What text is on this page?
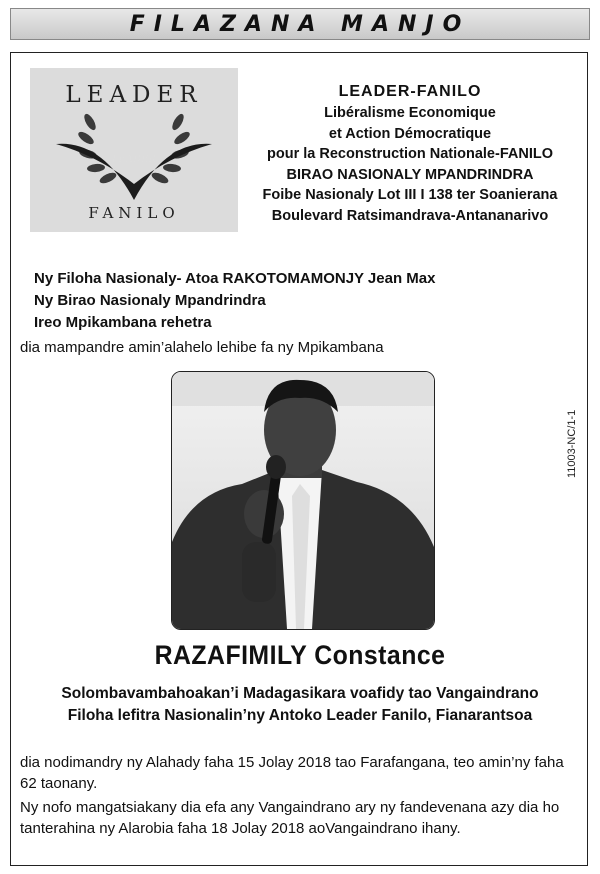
FILAZANA MANJO
LEADER
LEADER
FANILO
LEADER-FANILO
Libéralisme Economique
et Action Démocratique
pour la Reconstruction Nationale-FANILO
BIRAO NASIONALY MPANDRINDRA
Foibe Nasionaly Lot III I 138 ter Soanierana
Boulevard Ratsimandrava-Antananarivo
Ny Filoha Nasionaly- Atoa RAKOTOMAMONJY Jean Max
Ny Birao Nasionaly Mpandrindra
Ireo Mpikambana rehetra
dia mampandre amin’alahelo lehibe fa ny Mpikambana
11003-NC/1-1
RAZAFIMILY Constance
Solombavambahoakan’i Madagasikara voafidy tao Vangaindrano
Filoha lefitra Nasionalin’ny Antoko Leader Fanilo, Fianarantsoa
dia nodimandry ny Alahady faha 15 Jolay 2018 tao Farafangana, teo amin’ny faha 62 taonany.
Ny nofo mangatsiakany dia efa any Vangaindrano ary ny fandevenana azy dia ho tanterahina ny Alarobia faha 18 Jolay 2018 aoVangaindrano ihany.
